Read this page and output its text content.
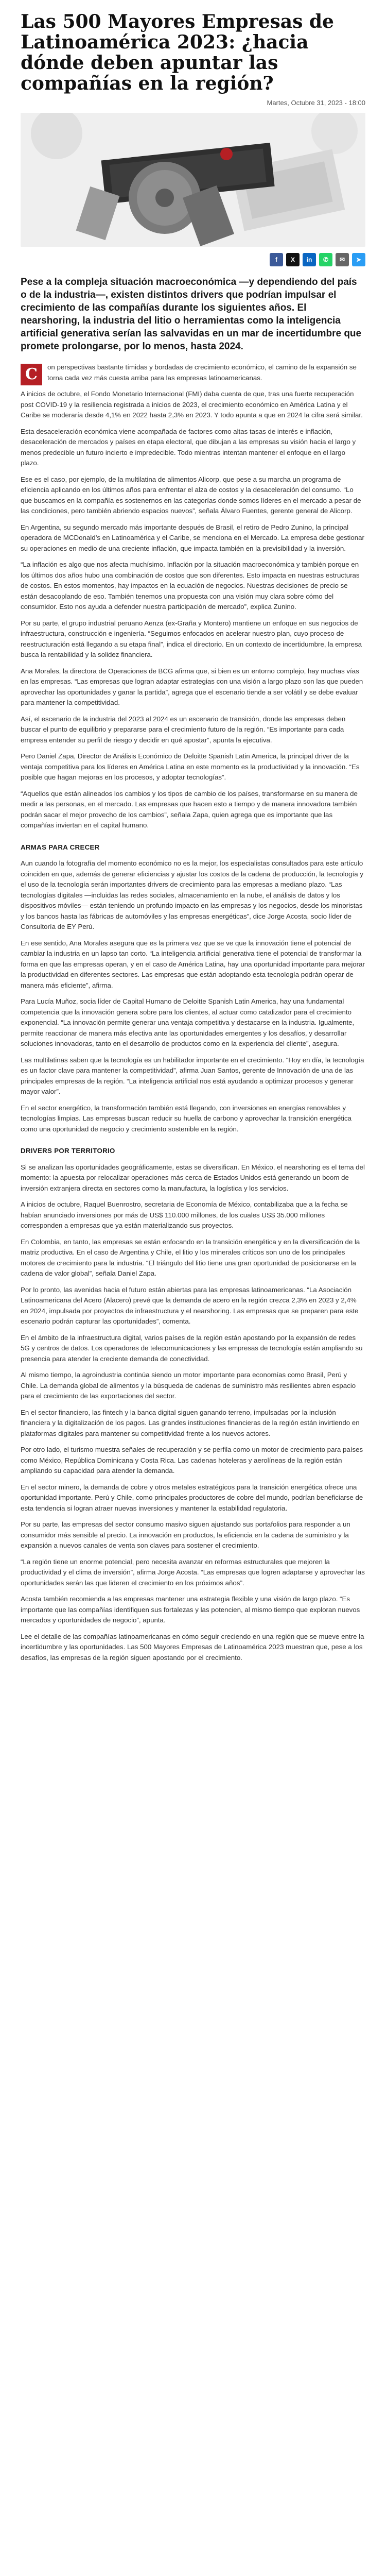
Las 500 Mayores Empresas de Latinoamérica 2023: ¿hacia dónde deben apuntar las compañías en la región?
Martes, Octubre 31, 2023 - 18:00
f	X	in	✆	✉	➤

Pese a la compleja situación macroeconómica —y dependiendo del país o de la industria—, existen distintos drivers que podrían impulsar el crecimiento de las compañías durante los siguientes años. El nearshoring, la industria del litio o herramientas como la inteligencia artificial generativa serían las salvavidas en un mar de incertidumbre que promete prolongarse, por lo menos, hasta 2024.

C	on perspectivas bastante tímidas y bordadas de crecimiento económico, el camino de la expansión se torna cada vez más cuesta arriba para las empresas latinoamericanas.

A inicios de octubre, el Fondo Monetario Internacional (FMI) daba cuenta de que, tras una fuerte recuperación post COVID-19 y la resiliencia registrada a inicios de 2023, el crecimiento económico en América Latina y el Caribe se moderaría desde 4,1% en 2022 hasta 2,3% en 2023. Y todo apunta a que en 2024 la cifra será similar.

Esta desaceleración económica viene acompañada de factores como altas tasas de interés e inflación, desaceleración de mercados y países en etapa electoral, que dibujan a las empresas su visión hacia el largo y menos predecible un futuro incierto e impredecible. Todo mientras intentan mantener el enfoque en el largo plazo.

Ese es el caso, por ejemplo, de la multilatina de alimentos Alicorp, que pese a su marcha un programa de eficiencia aplicando en los últimos años para enfrentar el alza de costos y la desaceleración del consumo. “Lo que buscamos en la compañía es sostenernos en las categorías donde somos líderes en el mercado a pesar de las condiciones, pero también abriendo espacios nuevos”, señala Álvaro Fuentes, gerente general de Alicorp.

En Argentina, su segundo mercado más importante después de Brasil, el retiro de Pedro Zunino, la principal operadora de MCDonald’s en Latinoamérica y el Caribe, se menciona en el Mercado. La empresa debe gestionar su operaciones en medio de una creciente inflación, que impacta también en la previsibilidad y la inversión.

“La inflación es algo que nos afecta muchísimo. Inflación por la situación macroeconómica y también porque en los últimos dos años hubo una combinación de costos que son diferentes. Esto impacta en nuestras estructuras de costos. En estos momentos, hay impactos en la ecuación de negocios. Nuestras decisiones de precio se están desacoplando de eso. También tenemos una propuesta con una visión muy clara sobre cómo del consumidor. Esto nos ayuda a defender nuestra participación de mercado”, explica Zunino.

Por su parte, el grupo industrial peruano Aenza (ex-Graña y Montero) mantiene un enfoque en sus negocios de infraestructura, construcción e ingeniería. “Seguimos enfocados en acelerar nuestro plan, cuyo proceso de reestructuración está llegando a su etapa final”, indica el directorio. En un contexto de incertidumbre, la empresa busca la rentabilidad y la solidez financiera.

Ana Morales, la directora de Operaciones de BCG afirma que, si bien es un entorno complejo, hay muchas vías en las empresas. “Las empresas que logran adaptar estrategias con una visión a largo plazo son las que pueden aprovechar las oportunidades y ganar la partida”, agrega que el escenario tiende a ser volátil y se debe evaluar para mantener la competitividad.

Así, el escenario de la industria del 2023 al 2024 es un escenario de transición, donde las empresas deben buscar el punto de equilibrio y prepararse para el crecimiento futuro de la región. “Es importante para cada empresa entender su perfil de riesgo y decidir en qué apostar”, apunta la ejecutiva.

Pero Daniel Zapa, Director de Análisis Económico de Deloitte Spanish Latin America, la principal driver de la ventaja competitiva para los líderes en América Latina en este momento es la productividad y la innovación. “Es posible que hagan mejoras en los procesos, y adoptar tecnologías”.

“Aquellos que están alineados los cambios y los tipos de cambio de los países, transformarse en su manera de medir a las personas, en el mercado. Las empresas que hacen esto a tiempo y de manera innovadora también podrán sacar el mejor provecho de los cambios”, señala Zapa, quien agrega que es importante que las compañías inviertan en el capital humano.

ARMAS PARA CRECER

Aun cuando la fotografía del momento económico no es la mejor, los especialistas consultados para este artículo coinciden en que, además de generar eficiencias y ajustar los costos de la cadena de producción, la tecnología y el uso de la tecnología serán importantes drivers de crecimiento para las empresas a mediano plazo. “Las tecnologías digitales —incluidas las redes sociales, almacenamiento en la nube, el análisis de datos y los dispositivos móviles— están teniendo un profundo impacto en las empresas y los negocios, desde los minoristas y los bancos hasta las fábricas de automóviles y las empresas energéticas”, dice Jorge Acosta, socio líder de Consultoría de EY Perú.

En ese sentido, Ana Morales asegura que es la primera vez que se ve que la innovación tiene el potencial de cambiar la industria en un lapso tan corto. “La inteligencia artificial generativa tiene el potencial de transformar la forma en que las empresas operan, y en el caso de América Latina, hay una oportunidad importante para mejorar la productividad en diferentes sectores. Las empresas que están adoptando esta tecnología podrán operar de manera más eficiente”, afirma.

Para Lucía Muñoz, socia líder de Capital Humano de Deloitte Spanish Latin America, hay una fundamental competencia que la innovación genera sobre para los clientes, al actuar como catalizador para el crecimiento exponencial. “La innovación permite generar una ventaja competitiva y destacarse en la industria. Igualmente, permite reaccionar de manera más efectiva ante las oportunidades emergentes y los desafíos, y desarrollar soluciones innovadoras, tanto en el desarrollo de productos como en la experiencia del cliente”, asegura.

Las multilatinas saben que la tecnología es un habilitador importante en el crecimiento. “Hoy en día, la tecnología es un factor clave para mantener la competitividad”, afirma Juan Santos, gerente de Innovación de una de las principales empresas de la región. “La inteligencia artificial nos está ayudando a optimizar procesos y generar mayor valor”.

En el sector energético, la transformación también está llegando, con inversiones en energías renovables y tecnologías limpias. Las empresas buscan reducir su huella de carbono y aprovechar la transición energética como una oportunidad de negocio y crecimiento sostenible en la región.

DRIVERS POR TERRITORIO

Si se analizan las oportunidades geográficamente, estas se diversifican. En México, el nearshoring es el tema del momento: la apuesta por relocalizar operaciones más cerca de Estados Unidos está generando un boom de inversión extranjera directa en sectores como la manufactura, la logística y los servicios.

A inicios de octubre, Raquel Buenrostro, secretaria de Economía de México, contabilizaba que a la fecha se habían anunciado inversiones por más de US$ 110.000 millones, de los cuales US$ 35.000 millones corresponden a empresas que ya están materializando sus proyectos.

En Colombia, en tanto, las empresas se están enfocando en la transición energética y en la diversificación de la matriz productiva. En el caso de Argentina y Chile, el litio y los minerales críticos son uno de los principales motores de crecimiento para la industria. “El triángulo del litio tiene una gran oportunidad de posicionarse en la cadena de valor global”, señala Daniel Zapa.

Por lo pronto, las avenidas hacia el futuro están abiertas para las empresas latinoamericanas. “La Asociación Latinoamericana del Acero (Alacero) prevé que la demanda de acero en la región crezca 2,3% en 2023 y 2,4% en 2024, impulsada por proyectos de infraestructura y el nearshoring. Las empresas que se preparen para este escenario podrán capturar las oportunidades”, comenta.

En el ámbito de la infraestructura digital, varios países de la región están apostando por la expansión de redes 5G y centros de datos. Los operadores de telecomunicaciones y las empresas de tecnología están ampliando su presencia para atender la creciente demanda de conectividad.

Al mismo tiempo, la agroindustria continúa siendo un motor importante para economías como Brasil, Perú y Chile. La demanda global de alimentos y la búsqueda de cadenas de suministro más resilientes abren espacio para el crecimiento de las exportaciones del sector.

En el sector financiero, las fintech y la banca digital siguen ganando terreno, impulsadas por la inclusión financiera y la digitalización de los pagos. Las grandes instituciones financieras de la región están invirtiendo en plataformas digitales para mantener su competitividad frente a los nuevos actores.

Por otro lado, el turismo muestra señales de recuperación y se perfila como un motor de crecimiento para países como México, República Dominicana y Costa Rica. Las cadenas hoteleras y aerolíneas de la región están ampliando su capacidad para atender la demanda.

En el sector minero, la demanda de cobre y otros metales estratégicos para la transición energética ofrece una oportunidad importante. Perú y Chile, como principales productores de cobre del mundo, podrían beneficiarse de esta tendencia si logran atraer nuevas inversiones y mantener la estabilidad regulatoria.

Por su parte, las empresas del sector consumo masivo siguen ajustando sus portafolios para responder a un consumidor más sensible al precio. La innovación en productos, la eficiencia en la cadena de suministro y la expansión a nuevos canales de venta son claves para sostener el crecimiento.

“La región tiene un enorme potencial, pero necesita avanzar en reformas estructurales que mejoren la productividad y el clima de inversión”, afirma Jorge Acosta. “Las empresas que logren adaptarse y aprovechar las oportunidades serán las que lideren el crecimiento en los próximos años”.

Acosta también recomienda a las empresas mantener una estrategia flexible y una visión de largo plazo. “Es importante que las compañías identifiquen sus fortalezas y las potencien, al mismo tiempo que exploran nuevos mercados y oportunidades de negocio”, apunta.

Lee el detalle de las compañías latinoamericanas en cómo seguir creciendo en una región que se mueve entre la incertidumbre y las oportunidades. Las 500 Mayores Empresas de Latinoamérica 2023 muestran que, pese a los desafíos, las empresas de la región siguen apostando por el crecimiento.
